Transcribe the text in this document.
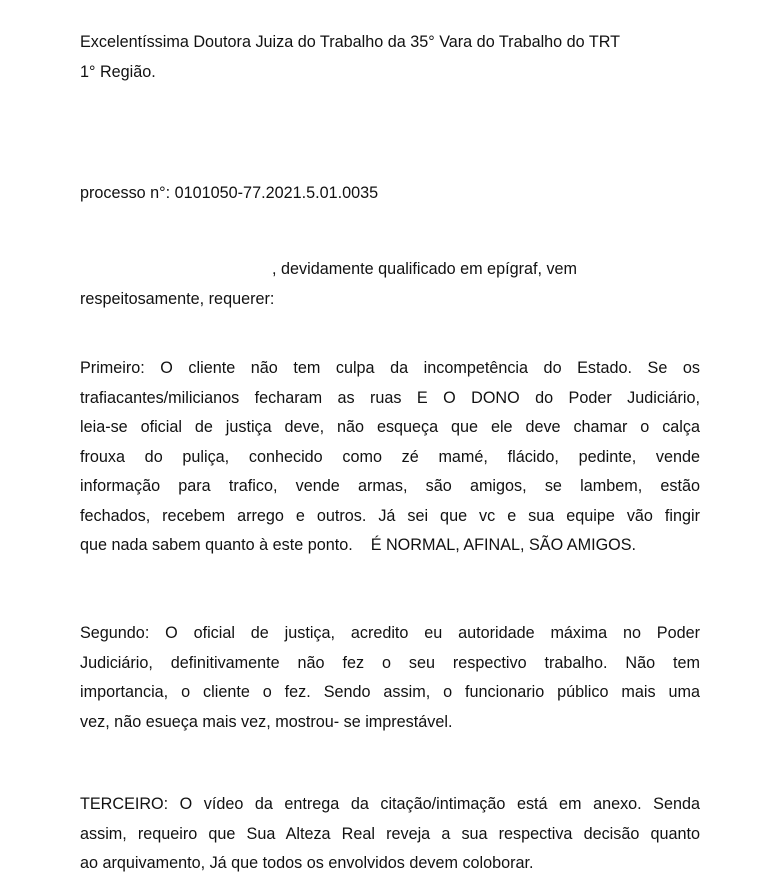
Excelentíssima Doutora Juiza do Trabalho da 35° Vara do Trabalho do TRT
1° Região.
processo n°: 0101050-77.2021.5.01.0035
, devidamente qualificado em epígraf, vem
respeitosamente, requerer:
Primeiro: O cliente não tem culpa da incompetência do Estado. Se os
trafiacantes/milicianos fecharam as ruas E O DONO do Poder Judiciário,
leia-se oficial de justiça deve, não esqueça que ele deve chamar o calça
frouxa do puliça, conhecido como zé mamé, flácido, pedinte, vende
informação para trafico, vende armas, são amigos, se lambem, estão
fechados, recebem arrego e outros. Já sei que vc e sua equipe vão fingir
que nada sabem quanto à este ponto.    É NORMAL, AFINAL, SÃO AMIGOS.
Segundo: O oficial de justiça, acredito eu autoridade máxima no Poder
Judiciário, definitivamente não fez o seu respectivo trabalho. Não tem
importancia, o cliente o fez. Sendo assim, o funcionario público mais uma
vez, não esueça mais vez, mostrou- se imprestável.
TERCEIRO: O vídeo da entrega da citação/intimação está em anexo. Senda
assim, requeiro que Sua Alteza Real reveja a sua respectiva decisão quanto
ao arquivamento, Já que todos os envolvidos devem coloborar.
